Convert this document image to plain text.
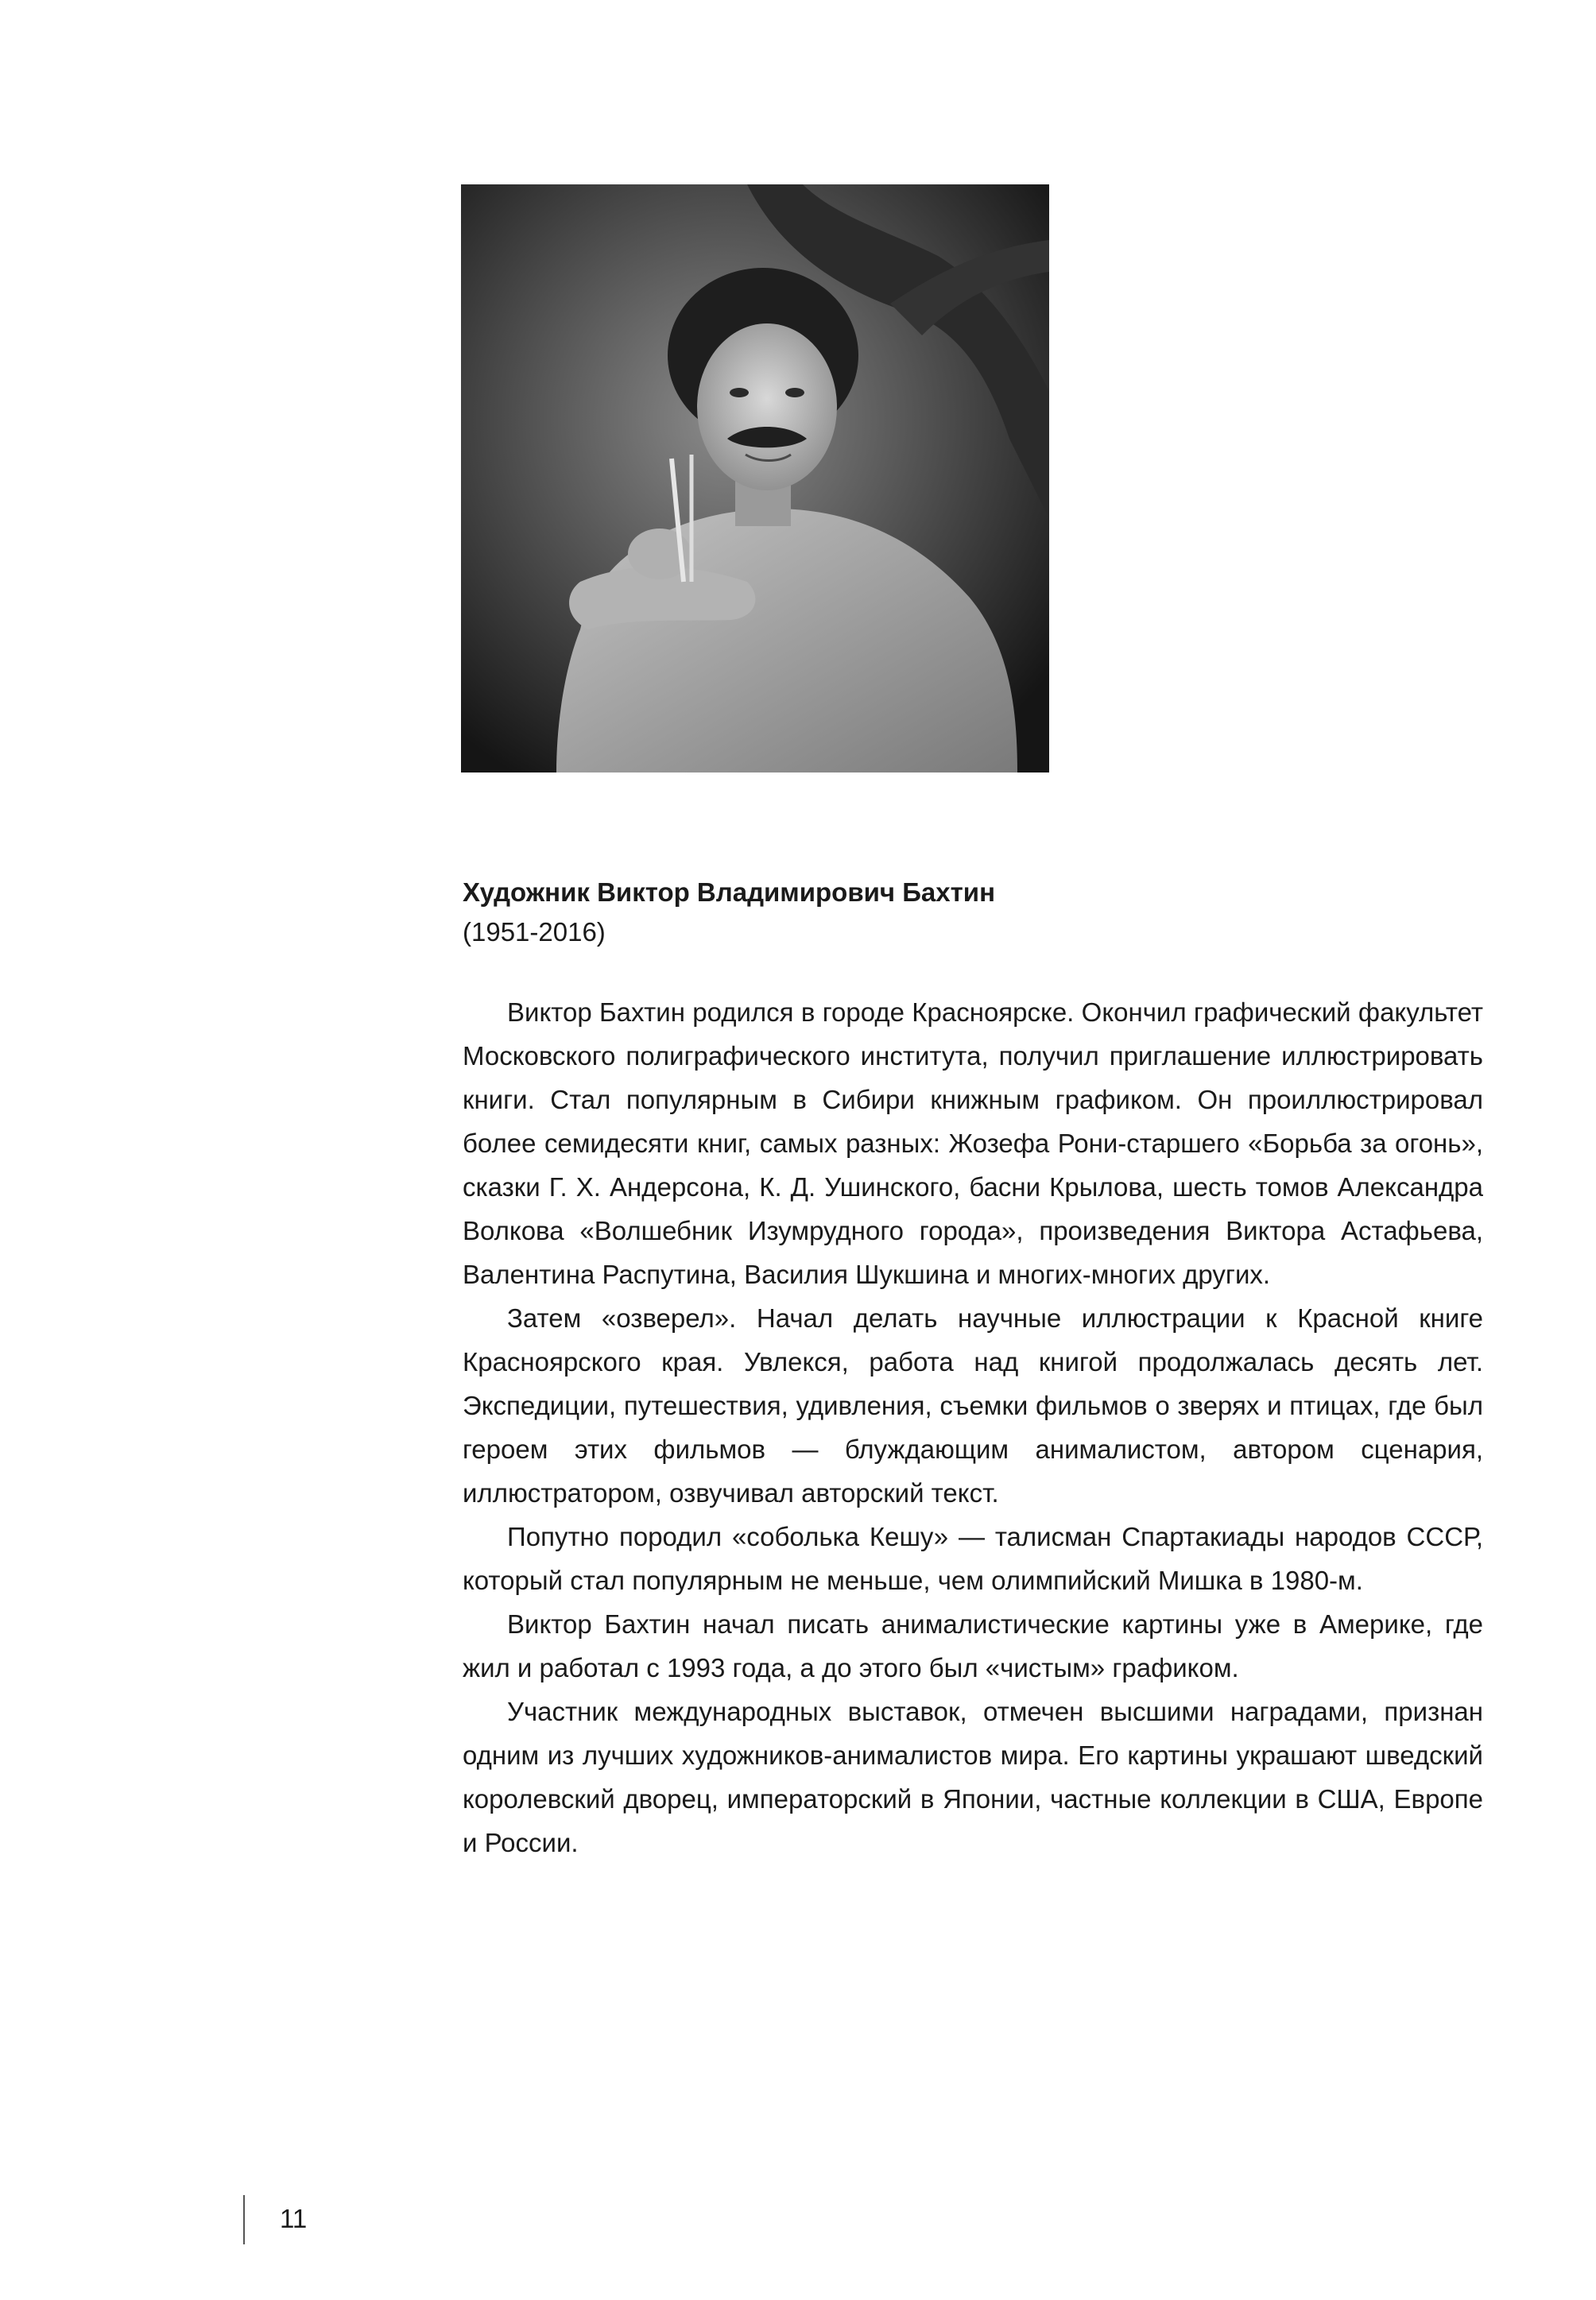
Художник Виктор Владимирович Бахтин

(1951-2016)

Виктор Бахтин родился в городе Красноярске. Окончил графический факультет Московского полиграфического института, получил приглашение иллюстрировать книги. Стал популярным в Сибири книжным графиком. Он проиллюстрировал более семидесяти книг, самых разных: Жозефа Рони-старшего «Борьба за огонь», сказки Г. Х. Андерсона, К. Д. Ушинского, басни Крылова, шесть томов Александра Волкова «Волшебник Изумрудного города», произведения Виктора Астафьева, Валентина Распутина, Василия Шукшина и многих-многих других.

Затем «озверел». Начал делать научные иллюстрации к Красной книге Красноярского края. Увлекся, работа над книгой продолжалась десять лет. Экспедиции, путешествия, удивления, съемки фильмов о зверях и птицах, где был героем этих фильмов — блуждающим анималистом, автором сценария, иллюстратором, озвучивал авторский текст.

Попутно породил «соболька Кешу» — талисман Спартакиады народов СССР, который стал популярным не меньше, чем олимпийский Мишка в 1980-м.

Виктор Бахтин начал писать анималистические картины уже в Америке, где жил и работал с 1993 года, а до этого был «чистым» графиком.

Участник международных выставок, отмечен высшими наградами, признан одним из лучших художников-анималистов мира. Его картины украшают шведский королевский дворец, императорский в Японии, частные коллекции в США, Европе и России.

11
